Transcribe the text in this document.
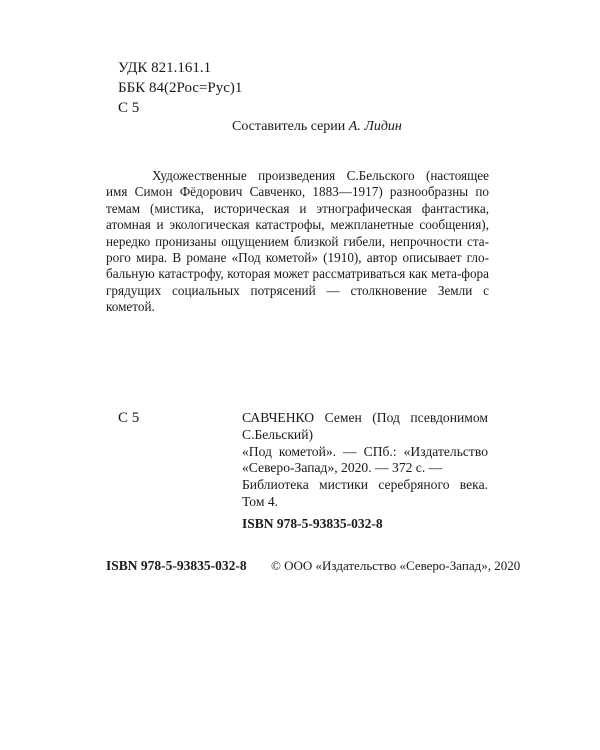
УДК 821.161.1
ББК 84(2Рос=Рус)1
С 5
Составитель серии А. Лидин
Художественные произведения С.Бельского (настоящее имя Симон Фёдорович Савченко, 1883—1917) разнообразны по темам (мистика, историческая и этнографическая фантастика, атомная и экологическая катастрофы, межпланетные сообщения), нередко пронизаны ощущением близкой гибели, непрочности ста-рого мира. В романе «Под кометой» (1910), автор описывает гло-бальную катастрофу, которая может рассматриваться как мета-фора грядущих социальных потрясений — столкновение Земли с кометой.
С 5	САВЧЕНКО Семен (Под псевдонимом
С.Бельский)
«Под кометой». — СПб.: «Издательство
«Северо-Запад», 2020. — 372 с. —
Библиотека мистики серебряного века.
Том 4.
ISBN 978-5-93835-032-8
ISBN 978-5-93835-032-8 © ООО «Издательство «Северо-Запад», 2020
